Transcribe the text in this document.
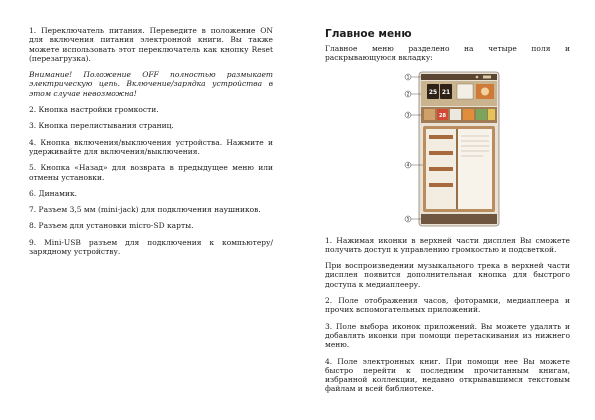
1. Переключатель питания. Переведите в положение ON для включения питания электронной книги. Вы также можете использовать этот переключатель как кнопку Reset (перезагрузка).

Внимание! Положение OFF полностью размыкает электрическую цепь. Включение/зарядка устройства в этом случае невозможна!

2. Кнопка настройки громкости.

3. Кнопка перелистывания страниц.

4. Кнопка включения/выключения устройства. Нажмите и удерживайте для включения/выключения.

5. Кнопка «Назад» для возврата в предыдущее меню или отмены установки.

6. Динамик.

7. Разъем 3,5 мм (mini-jack) для подключения наушников.

8. Разъем для установки micro-SD карты.

9. Mini-USB разъем для подключения к компьютеру/зарядному устройству.

Главное меню

Главное меню разделено на четыре поля и раскрывающуюся вкладку:

25 21
28
1
2
3
4
5

1. Нажимая иконки в верхней части дисплея Вы сможете получить доступ к управлению громкостью и подсветкой.

При воспроизведении музыкального трека в верхней части дисплея появится дополнительная кнопка для быстрого доступа к медиаплееру.

2. Поле отображения часов, фоторамки, медиаплеера и прочих вспомогательных приложений.

3. Поле выбора иконок приложений. Вы можете удалять и добавлять иконки при помощи перетаскивания из нижнего меню.

4. Поле электронных книг. При помощи нее Вы можете быстро перейти к последним прочитанным книгам, избранной коллекции, недавно открывавшимся текстовым файлам и всей библиотеке.
